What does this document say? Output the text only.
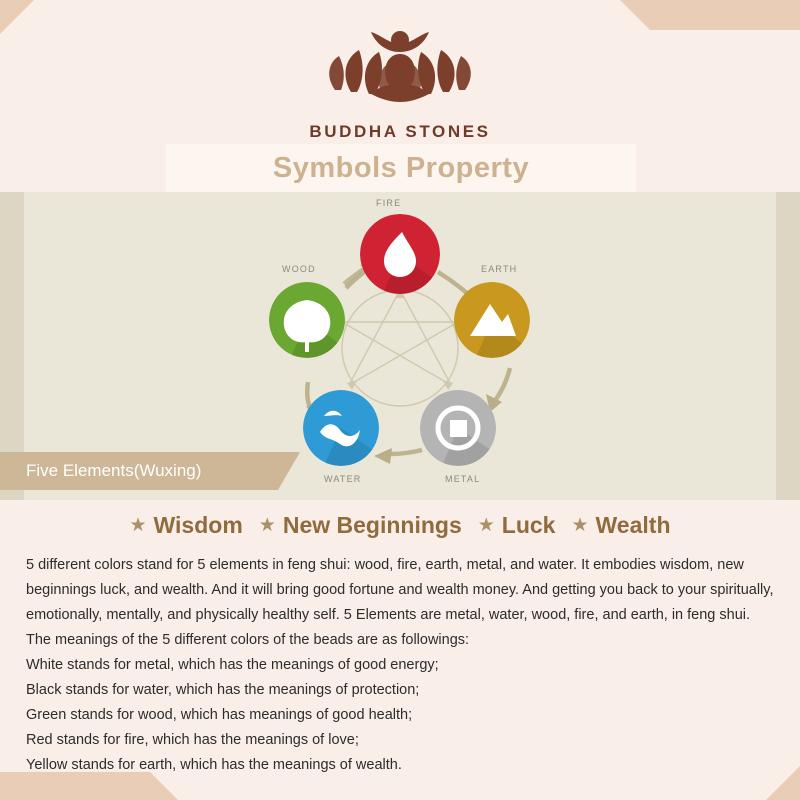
BUDDHA STONES
Symbols Property
FIRE
EARTH
METAL
WATER
WOOD
Five Elements(Wuxing)
★ Wisdom ★ New Beginnings ★ Luck ★ Wealth

5 different colors stand for 5 elements in feng shui: wood, fire, earth, metal, and water. It embodies wisdom, new beginnings luck, and wealth. And it will bring good fortune and wealth money. And getting you back to your spiritually, emotionally, mentally, and physically healthy self. 5 Elements are metal, water, wood, fire, and earth, in feng shui. The meanings of the 5 different colors of the beads are as followings:

White stands for metal, which has the meanings of good energy;

Black stands for water, which has the meanings of protection;

Green stands for wood, which has meanings of good health;

Red stands for fire, which has the meanings of love;

Yellow stands for earth, which has the meanings of wealth.
